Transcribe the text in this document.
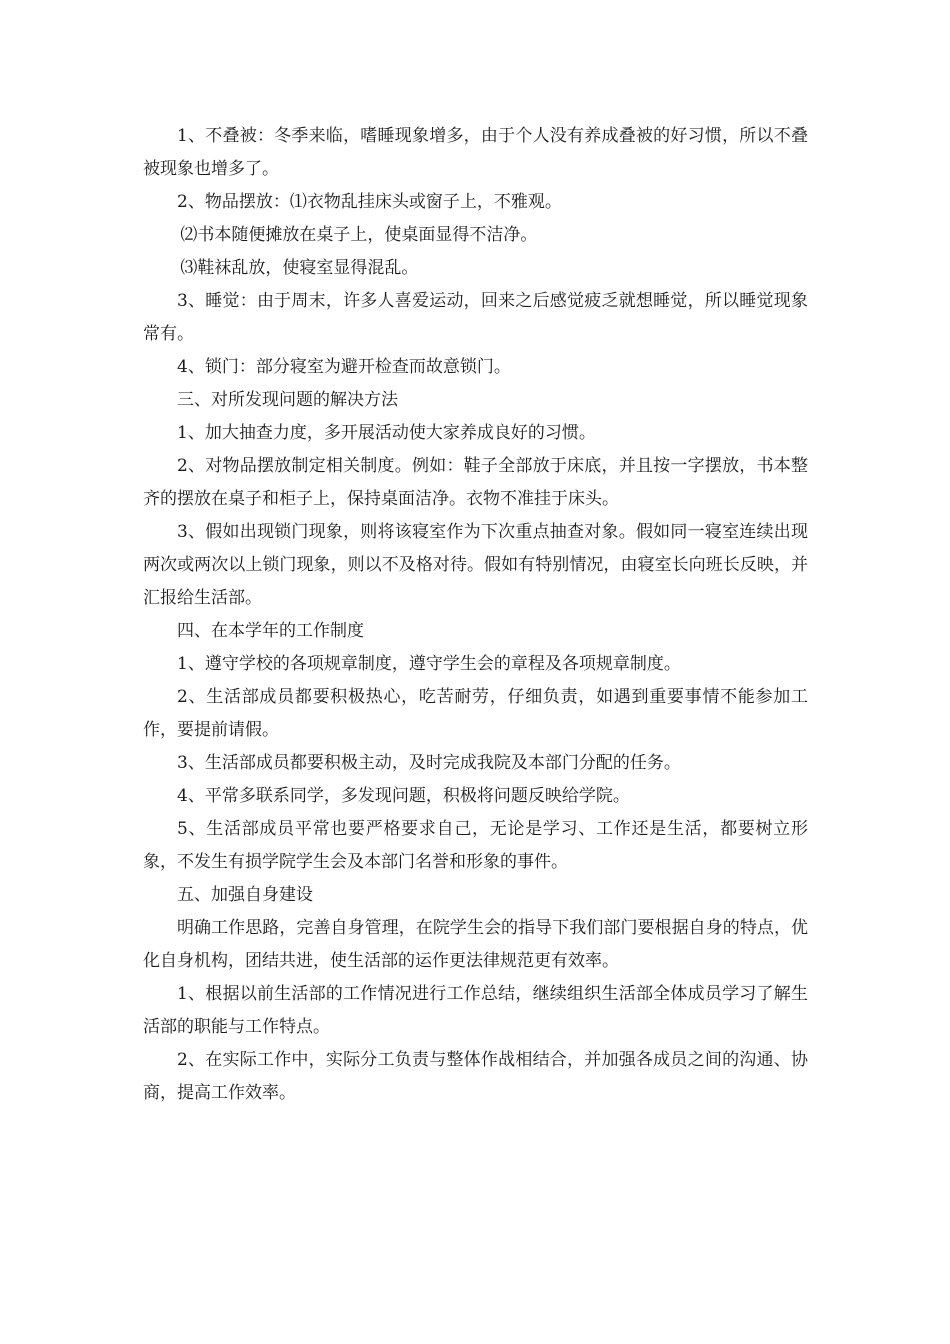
1、不叠被：冬季来临，嗜睡现象增多，由于个人没有养成叠被的好习惯，所以不叠被现象也增多了。

2、物品摆放：⑴衣物乱挂床头或窗子上，不雅观。

⑵书本随便摊放在桌子上，使桌面显得不洁净。

⑶鞋袜乱放，使寝室显得混乱。

3、睡觉：由于周末，许多人喜爱运动，回来之后感觉疲乏就想睡觉，所以睡觉现象常有。

4、锁门：部分寝室为避开检查而故意锁门。

三、对所发现问题的解决方法

1、加大抽查力度，多开展活动使大家养成良好的习惯。

2、对物品摆放制定相关制度。例如：鞋子全部放于床底，并且按一字摆放，书本整齐的摆放在桌子和柜子上，保持桌面洁净。衣物不准挂于床头。

3、假如出现锁门现象，则将该寝室作为下次重点抽查对象。假如同一寝室连续出现两次或两次以上锁门现象，则以不及格对待。假如有特别情况，由寝室长向班长反映，并汇报给生活部。

四、在本学年的工作制度

1、遵守学校的各项规章制度，遵守学生会的章程及各项规章制度。

2、生活部成员都要积极热心，吃苦耐劳，仔细负责，如遇到重要事情不能参加工作，要提前请假。

3、生活部成员都要积极主动，及时完成我院及本部门分配的任务。

4、平常多联系同学，多发现问题，积极将问题反映给学院。

5、生活部成员平常也要严格要求自己，无论是学习、工作还是生活，都要树立形象，不发生有损学院学生会及本部门名誉和形象的事件。

五、加强自身建设

明确工作思路，完善自身管理，在院学生会的指导下我们部门要根据自身的特点，优化自身机构，团结共进，使生活部的运作更法律规范更有效率。

1、根据以前生活部的工作情况进行工作总结，继续组织生活部全体成员学习了解生活部的职能与工作特点。

2、在实际工作中，实际分工负责与整体作战相结合，并加强各成员之间的沟通、协商，提高工作效率。
